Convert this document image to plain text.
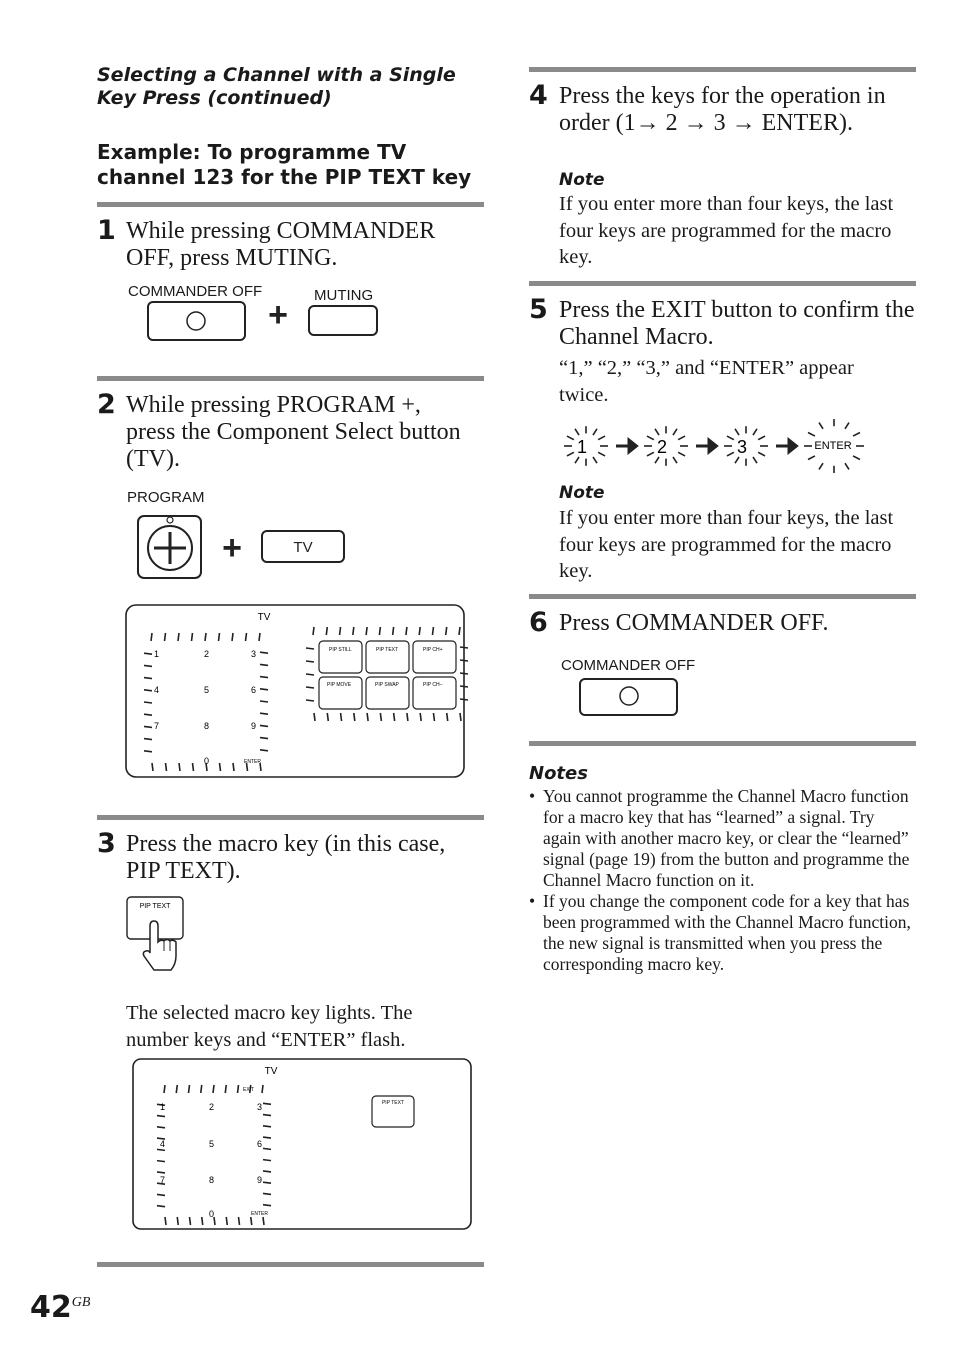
Selecting a Channel with a Single
Key Press (continued)
Example: To programme TV
channel 123 for the PIP TEXT key
1 While pressing COMMANDER OFF, press MUTING.
COMMANDER OFF	MUTING
+
2 While pressing PROGRAM +, press the Component Select button (TV).
PROGRAM
+	TV
TV
1	2	3
4	5	6
7	8	9
0	ENTER
PIP STILL	PIP TEXT	PIP CH+
PIP MOVE	PIP SWAP	PIP CH–
3 Press the macro key (in this case, PIP TEXT).
PIP TEXT
The selected macro key lights. The number keys and “ENTER” flash.
TV
EXIT
1	2	3
4	5	6
7	8	9
0	ENTER
PIP TEXT
$42^{GB}$
4 Press the keys for the operation in order (1→ 2 → 3 → ENTER).
Note
If you enter more than four keys, the last four keys are programmed for the macro key.
5 Press the EXIT button to confirm the Channel Macro.
“1,” “2,” “3,” and “ENTER” appear twice.
1	2	3	ENTER
Note
If you enter more than four keys, the last four keys are programmed for the macro key.
6 Press COMMANDER OFF.
COMMANDER OFF
Notes
• You cannot programme the Channel Macro function for a macro key that has “learned” a signal. Try again with another macro key, or clear the “learned” signal (page 19) from the button and programme the Channel Macro function on it.
• If you change the component code for a key that has been programmed with the Channel Macro function, the new signal is transmitted when you press the corresponding macro key.
